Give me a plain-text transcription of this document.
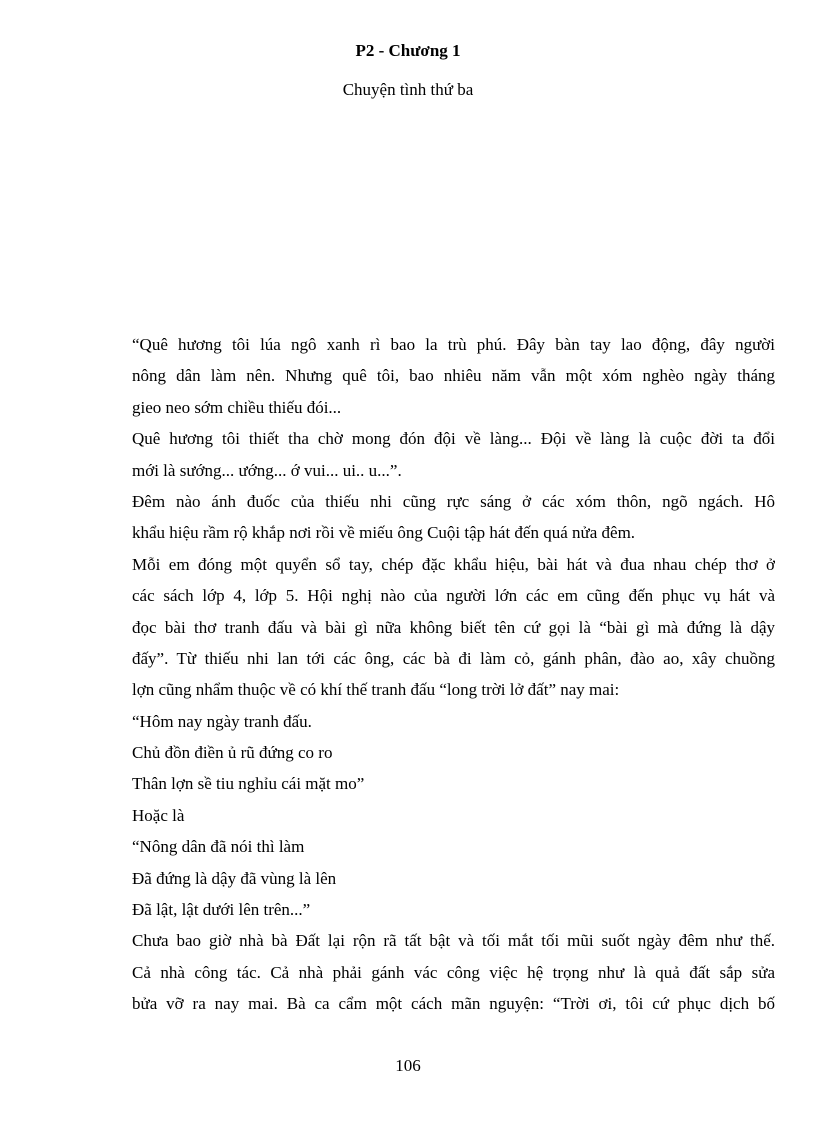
P2 - Chương 1
Chuyện tình thứ ba
“Quê hương tôi lúa ngô xanh rì bao la trù phú. Đây bàn tay lao động, đây người
nông dân làm nên. Nhưng quê tôi, bao nhiêu năm vẫn một xóm nghèo ngày tháng
gieo neo sớm chiều thiếu đói...
Quê hương tôi thiết tha chờ mong đón đội về làng... Đội về làng là cuộc đời ta đổi
mới là sướng... ướng... ớ vui... ui.. u...”.
Đêm nào ánh đuốc của thiếu nhi cũng rực sáng ở các xóm thôn, ngõ ngách. Hô
khẩu hiệu rầm rộ khắp nơi rồi về miếu ông Cuội tập hát đến quá nửa đêm.
Mỗi em đóng một quyển sổ tay, chép đặc khẩu hiệu, bài hát và đua nhau chép thơ ở
các sách lớp 4, lớp 5. Hội nghị nào của người lớn các em cũng đến phục vụ hát và
đọc bài thơ tranh đấu và bài gì nữa không biết tên cứ gọi là “bài gì mà đứng là dậy
đấy”. Từ thiếu nhi lan tới các ông, các bà đi làm cỏ, gánh phân, đào ao, xây chuồng
lợn cũng nhẩm thuộc về có khí thế tranh đấu “long trời lở đất” nay mai:
“Hôm nay ngày tranh đấu.
Chủ đồn điền ủ rũ đứng co ro
Thân lợn sề tiu nghỉu cái mặt mo”
Hoặc là
“Nông dân đã nói thì làm
Đã đứng là dậy đã vùng là lên
Đã lật, lật dưới lên trên...”
Chưa bao giờ nhà bà Đất lại rộn rã tất bật và tối mắt tối mũi suốt ngày đêm như thế.
Cả nhà công tác. Cả nhà phải gánh vác công việc hệ trọng như là quả đất sắp sửa
bửa vỡ ra nay mai. Bà ca cẩm một cách mãn nguyện: “Trời ơi, tôi cứ phục dịch bố
106
